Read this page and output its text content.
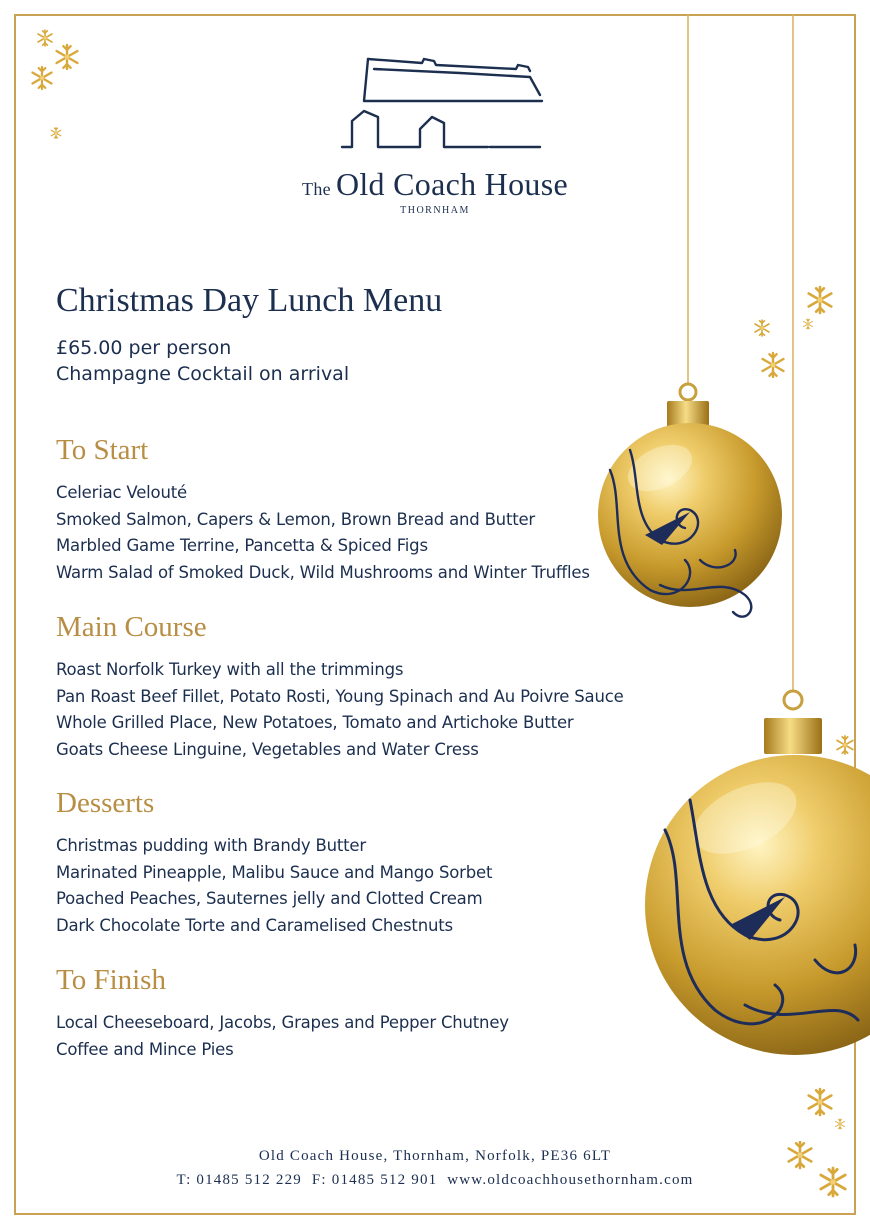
The Old Coach House
THORNHAM
Christmas Day Lunch Menu
£65.00 per person
Champagne Cocktail on arrival
To Start
Celeriac Velouté
Smoked Salmon, Capers & Lemon, Brown Bread and Butter
Marbled Game Terrine, Pancetta & Spiced Figs
Warm Salad of Smoked Duck, Wild Mushrooms and Winter Truffles
Main Course
Roast Norfolk Turkey with all the trimmings
Pan Roast Beef Fillet, Potato Rosti, Young Spinach and Au Poivre Sauce
Whole Grilled Place, New Potatoes, Tomato and Artichoke Butter
Goats Cheese Linguine, Vegetables and Water Cress
Desserts
Christmas pudding with Brandy Butter
Marinated Pineapple, Malibu Sauce and Mango Sorbet
Poached Peaches, Sauternes jelly and Clotted Cream
Dark Chocolate Torte and Caramelised Chestnuts
To Finish
Local Cheeseboard, Jacobs, Grapes and Pepper Chutney
Coffee and Mince Pies
Old Coach House, Thornham, Norfolk, PE36 6LT
T: 01485 512 229  F: 01485 512 901  www.oldcoachhousethornham.com
